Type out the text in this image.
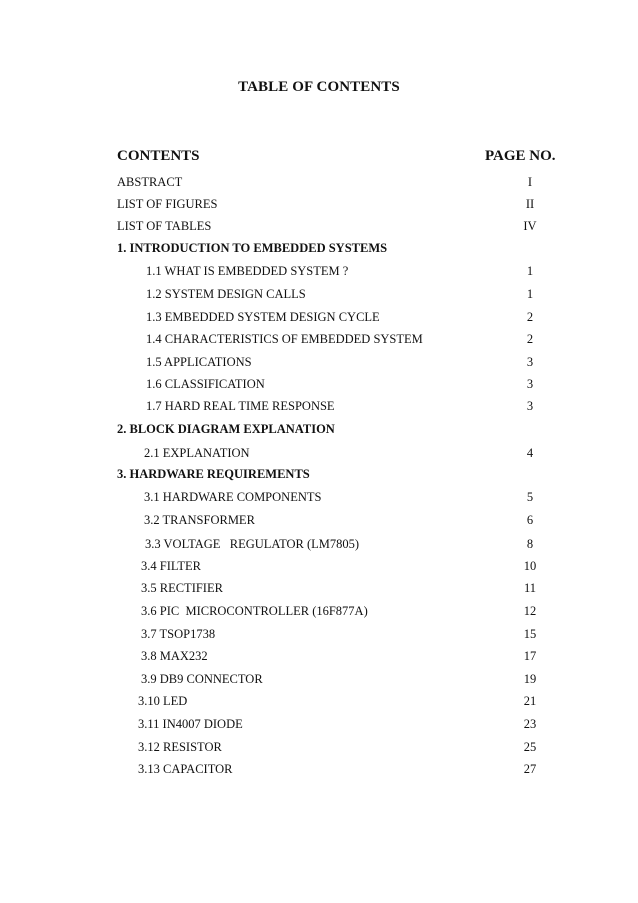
TABLE OF CONTENTS
CONTENTS	PAGE NO.
ABSTRACT	I
LIST OF FIGURES	II
LIST OF TABLES	IV
1. INTRODUCTION TO EMBEDDED SYSTEMS
1.1 WHAT IS EMBEDDED SYSTEM ?	1
1.2 SYSTEM DESIGN CALLS	1
1.3 EMBEDDED SYSTEM DESIGN CYCLE	2
1.4 CHARACTERISTICS OF EMBEDDED SYSTEM	2
1.5 APPLICATIONS	3
1.6 CLASSIFICATION	3
1.7 HARD REAL TIME RESPONSE	3
2. BLOCK DIAGRAM EXPLANATION
2.1 EXPLANATION	4
3. HARDWARE REQUIREMENTS
3.1 HARDWARE COMPONENTS	5
3.2 TRANSFORMER	6
3.3 VOLTAGE   REGULATOR (LM7805)	8
3.4 FILTER	10
3.5 RECTIFIER	11
3.6 PIC  MICROCONTROLLER (16F877A)	12
3.7 TSOP1738	15
3.8 MAX232	17
3.9 DB9 CONNECTOR	19
3.10 LED	21
3.11 IN4007 DIODE	23
3.12 RESISTOR	25
3.13 CAPACITOR	27
